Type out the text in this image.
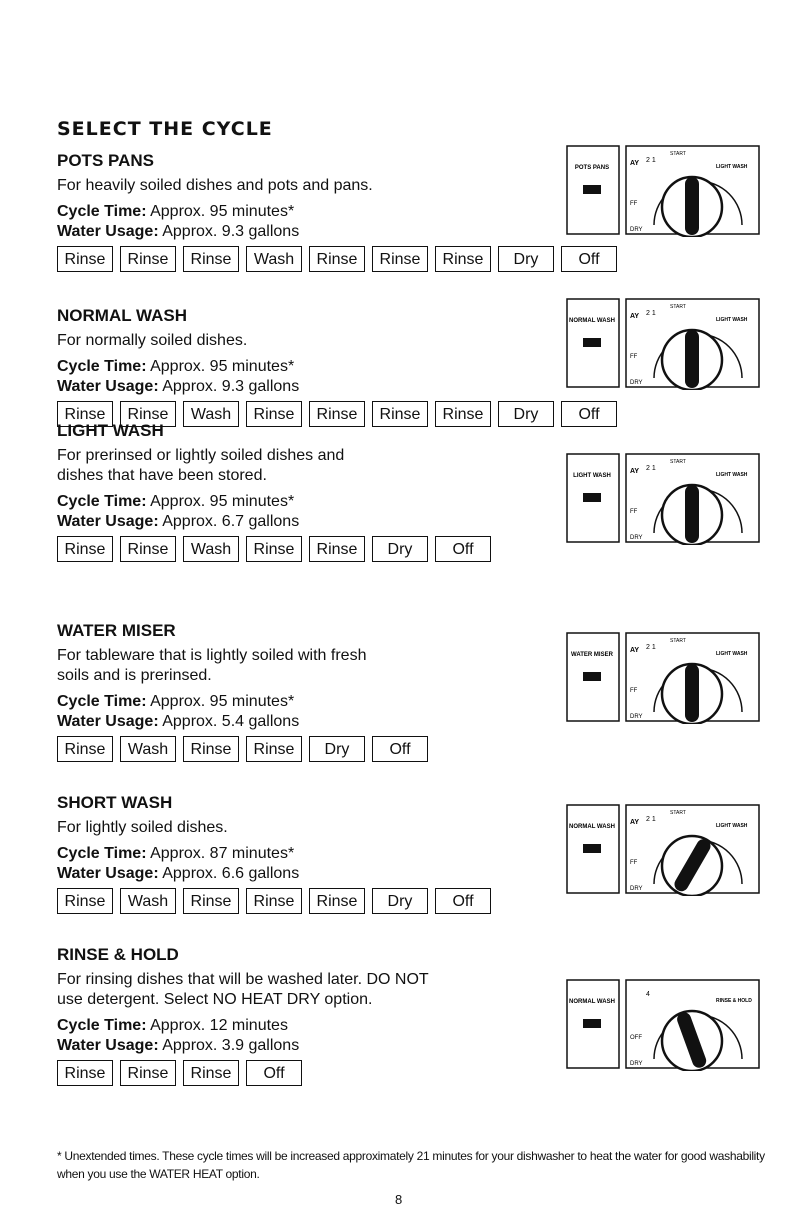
SELECT THE CYCLE

POTS PANS

For heavily soiled dishes and pots and pans.
Cycle Time: Approx. 95 minutes*
Water Usage: Approx. 9.3 gallons
Rinse	Rinse	Rinse	Wash	Rinse	Rinse	Rinse	Dry	Off

NORMAL WASH

For normally soiled dishes.
Cycle Time: Approx. 95 minutes*
Water Usage: Approx. 9.3 gallons
Rinse	Rinse	Wash	Rinse	Rinse	Rinse	Rinse	Dry	Off

LIGHT WASH

For prerinsed or lightly soiled dishes and
dishes that have been stored.
Cycle Time: Approx. 95 minutes*
Water Usage: Approx. 6.7 gallons
Rinse	Rinse	Wash	Rinse	Rinse	Dry	Off

WATER MISER

For tableware that is lightly soiled with fresh
soils and is prerinsed.
Cycle Time: Approx. 95 minutes*
Water Usage: Approx. 5.4 gallons
Rinse	Wash	Rinse	Rinse	Dry	Off

SHORT WASH

For lightly soiled dishes.
Cycle Time: Approx. 87 minutes*
Water Usage: Approx. 6.6 gallons
Rinse	Wash	Rinse	Rinse	Rinse	Dry	Off

RINSE & HOLD

For rinsing dishes that will be washed later. DO NOT
use detergent. Select NO HEAT DRY option.
Cycle Time: Approx. 12 minutes
Water Usage: Approx. 3.9 gallons
Rinse	Rinse	Rinse	Off
* Unextended times. These cycle times will be increased approximately 21 minutes for your dishwasher to heat the water for good washability when you use the WATER HEAT option.
8
POTS PANS
AY 2 1
START
LIGHT WASH
FF
DRY
NORMAL WASH
AY 2 1
START
LIGHT WASH
FF
DRY
LIGHT WASH
AY 2 1
START
LIGHT WASH
FF
DRY
WATER MISER
AY 2 1
START
LIGHT WASH
FF
DRY
NORMAL WASH
AY 2 1
START
LIGHT WASH
FF
DRY
NORMAL WASH
4
RINSE & HOLD
OFF
DRY
